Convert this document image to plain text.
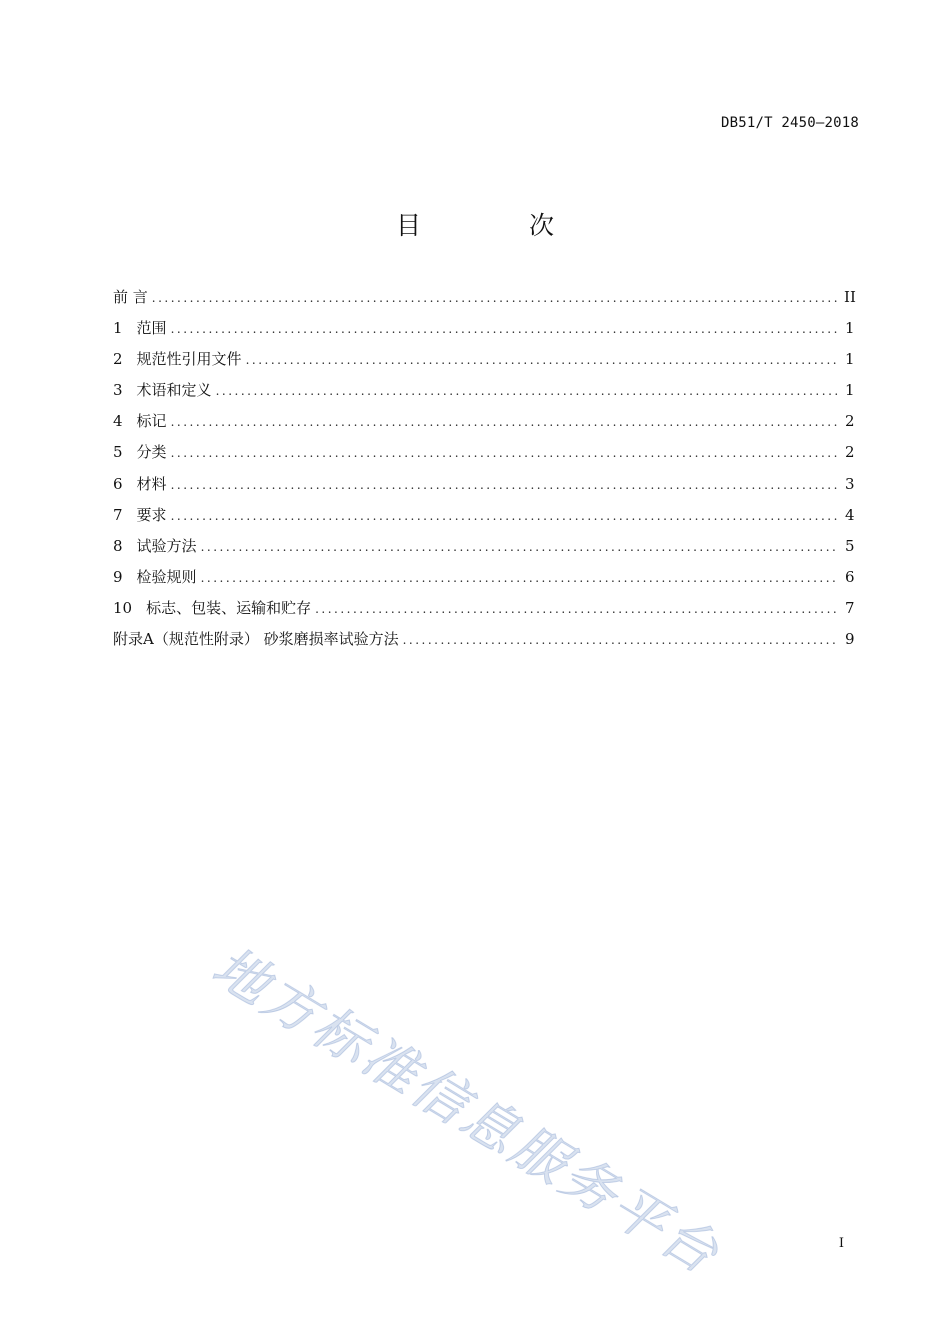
DB51/T 2450—2018
目 次
前 言 .....	II
1 范围 .....	1
2 规范性引用文件 .....	1
3 术语和定义 .....	1
4 标记 .....	2
5 分类 .....	2
6 材料 .....	3
7 要求 .....	4
8 试验方法 .....	5
9 检验规则 .....	6
10 标志、包装、运输和贮存 .....	7
附录A（规范性附录） 砂浆磨损率试验方法 .....	9
地方标准信息服务平台	I
